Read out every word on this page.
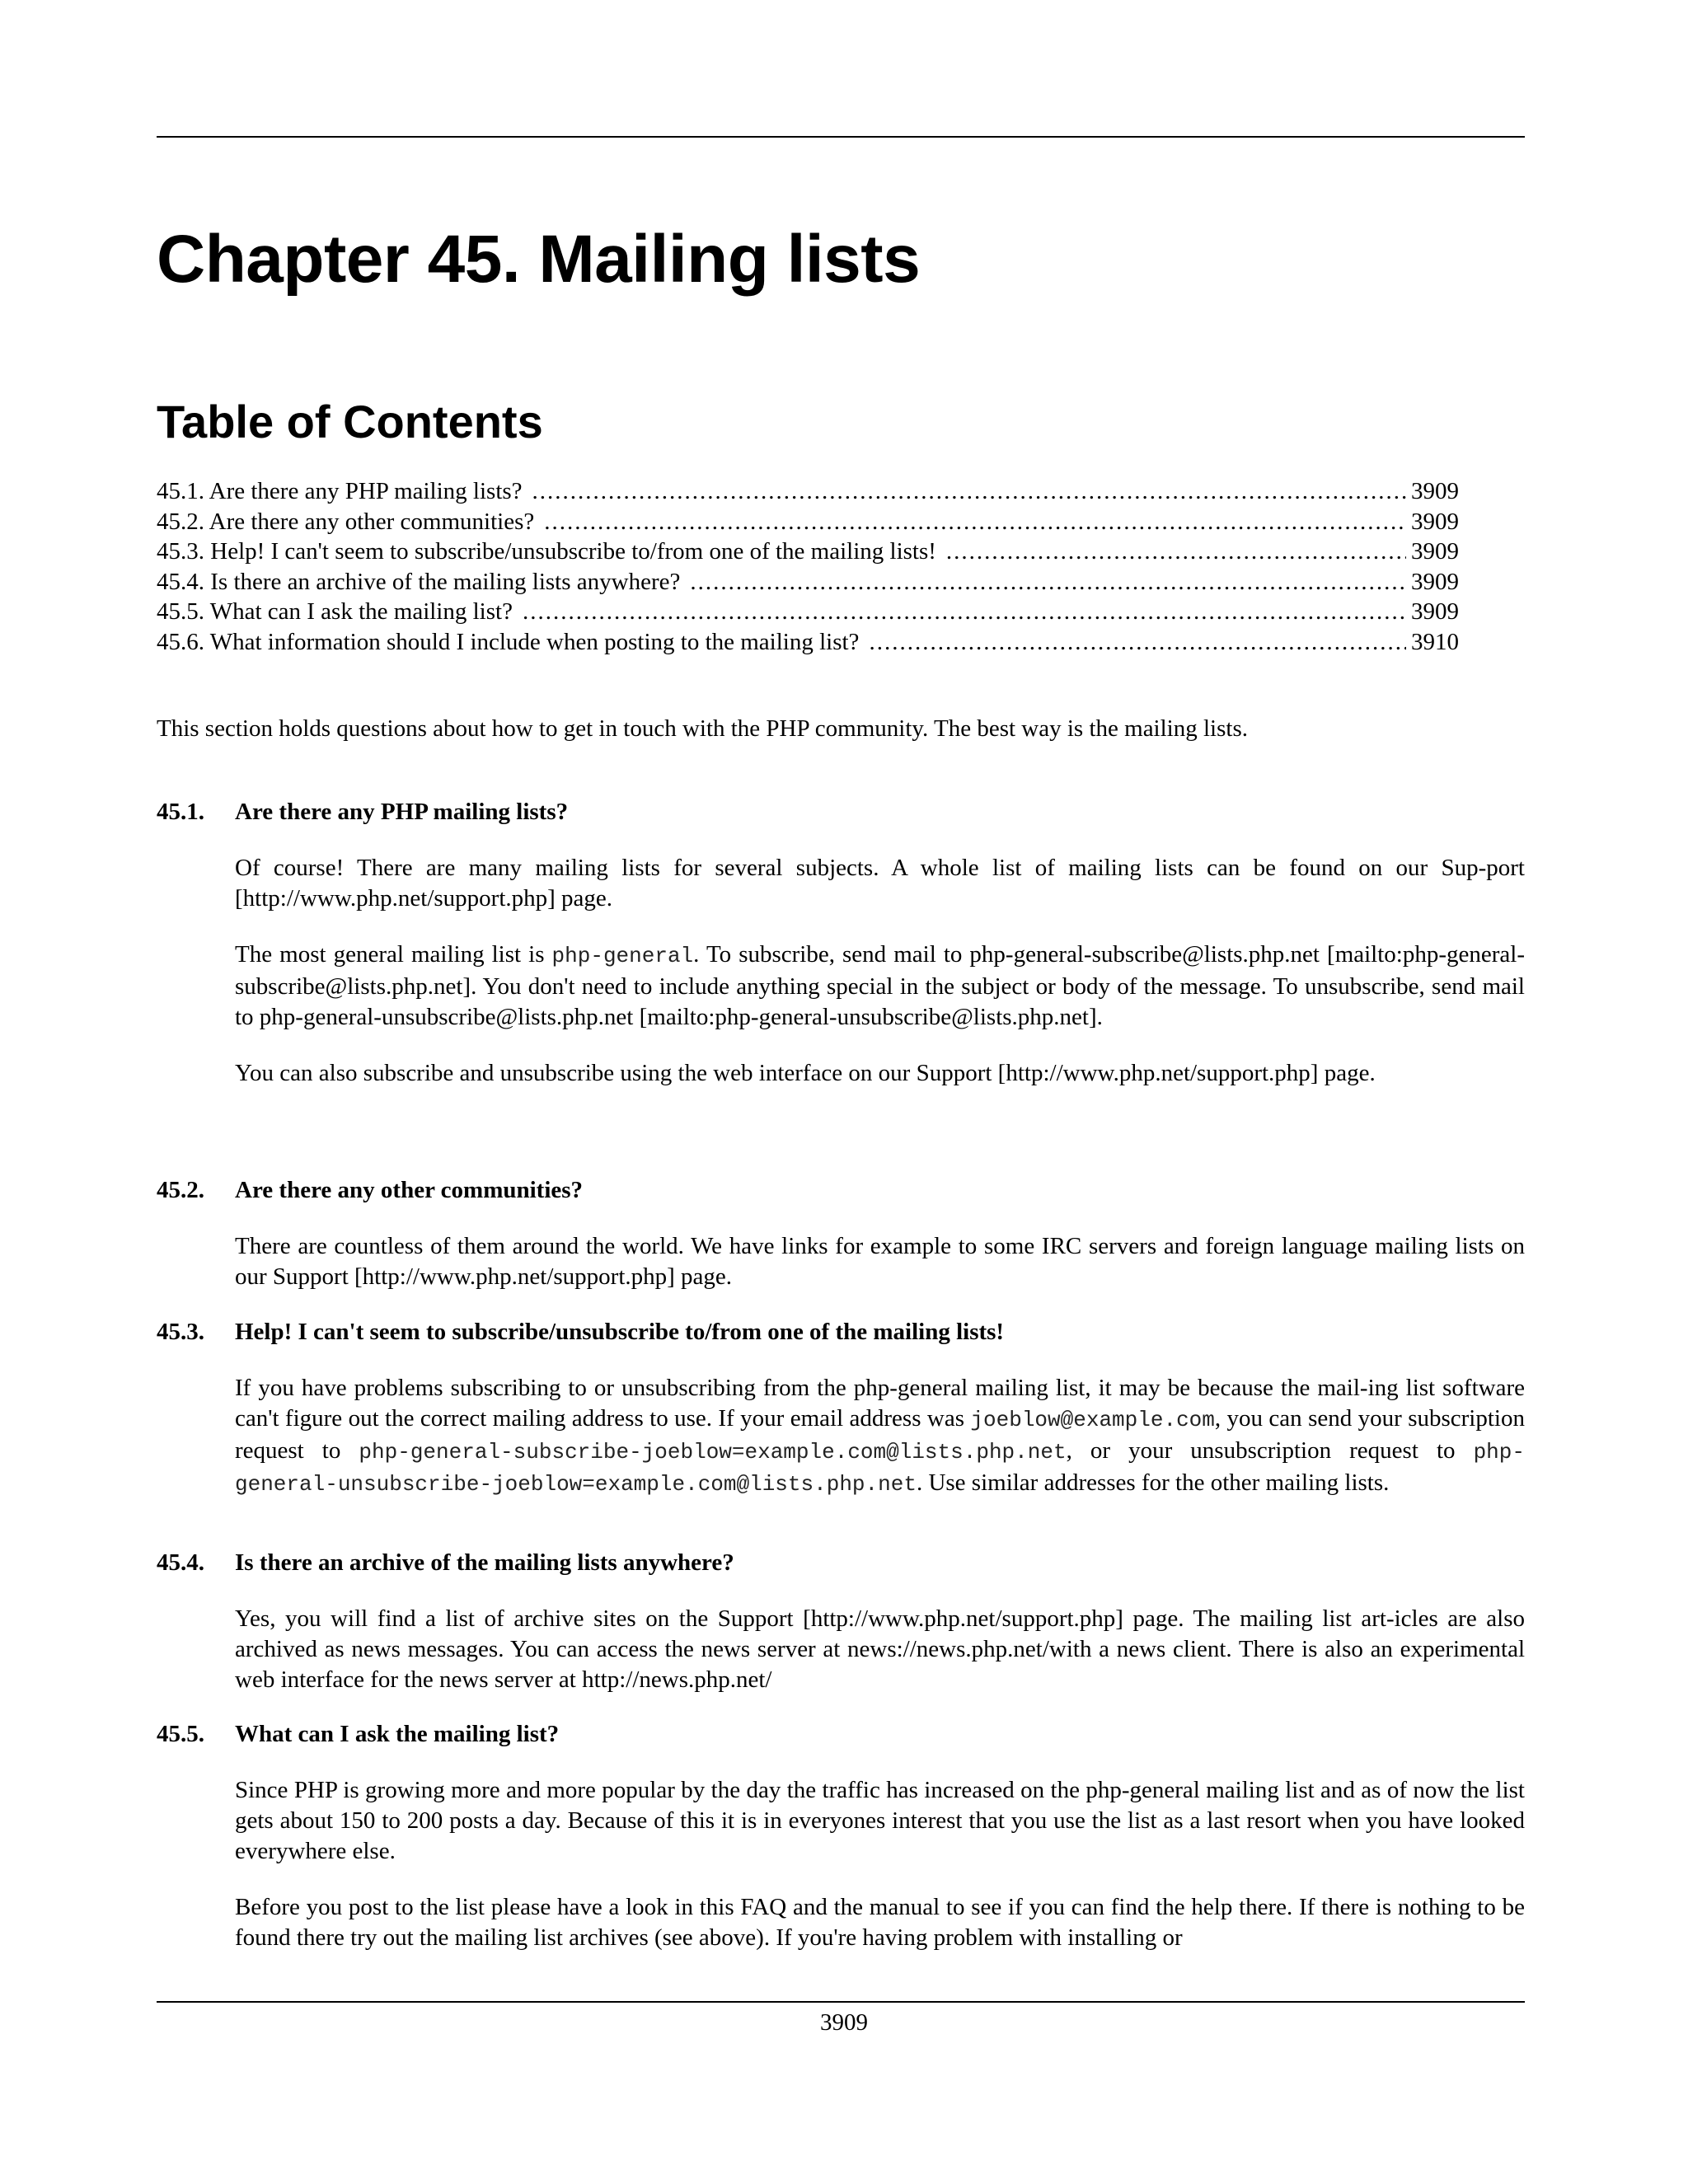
Chapter 45. Mailing lists
Table of Contents
45.1. Are there any PHP mailing lists? .....	3909
45.2. Are there any other communities? .....	3909
45.3. Help! I can't seem to subscribe/unsubscribe to/from one of the mailing lists! .....	3909
45.4. Is there an archive of the mailing lists anywhere? .....	3909
45.5. What can I ask the mailing list? .....	3909
45.6. What information should I include when posting to the mailing list? .....	3910

This section holds questions about how to get in touch with the PHP community. The best way is the mailing lists.

45.1.	Are there any PHP mailing lists?

Of course! There are many mailing lists for several subjects. A whole list of mailing lists can be found on our Sup-port [http://www.php.net/support.php] page.

The most general mailing list is php-general. To subscribe, send mail to php-general-subscribe@lists.php.net [mailto:php-general-subscribe@lists.php.net]. You don't need to include anything special in the subject or body of the message. To unsubscribe, send mail to php-general-unsubscribe@lists.php.net [mailto:php-general-unsubscribe@lists.php.net].

You can also subscribe and unsubscribe using the web interface on our Support [http://www.php.net/support.php] page.

45.2.	Are there any other communities?

There are countless of them around the world. We have links for example to some IRC servers and foreign language mailing lists on our Support [http://www.php.net/support.php] page.

45.3.	Help! I can't seem to subscribe/unsubscribe to/from one of the mailing lists!

If you have problems subscribing to or unsubscribing from the php-general mailing list, it may be because the mail-ing list software can't figure out the correct mailing address to use. If your email address was joeblow@example.com, you can send your subscription request to php-general-subscribe-joeblow=example.com@lists.php.net, or your unsubscription request to php-general-unsubscribe-joeblow=example.com@lists.php.net. Use similar addresses for the other mailing lists.

45.4.	Is there an archive of the mailing lists anywhere?

Yes, you will find a list of archive sites on the Support [http://www.php.net/support.php] page. The mailing list art-icles are also archived as news messages. You can access the news server at news://news.php.net/with a news client. There is also an experimental web interface for the news server at http://news.php.net/

45.5.	What can I ask the mailing list?

Since PHP is growing more and more popular by the day the traffic has increased on the php-general mailing list and as of now the list gets about 150 to 200 posts a day. Because of this it is in everyones interest that you use the list as a last resort when you have looked everywhere else.

Before you post to the list please have a look in this FAQ and the manual to see if you can find the help there. If there is nothing to be found there try out the mailing list archives (see above). If you're having problem with installing or

3909
